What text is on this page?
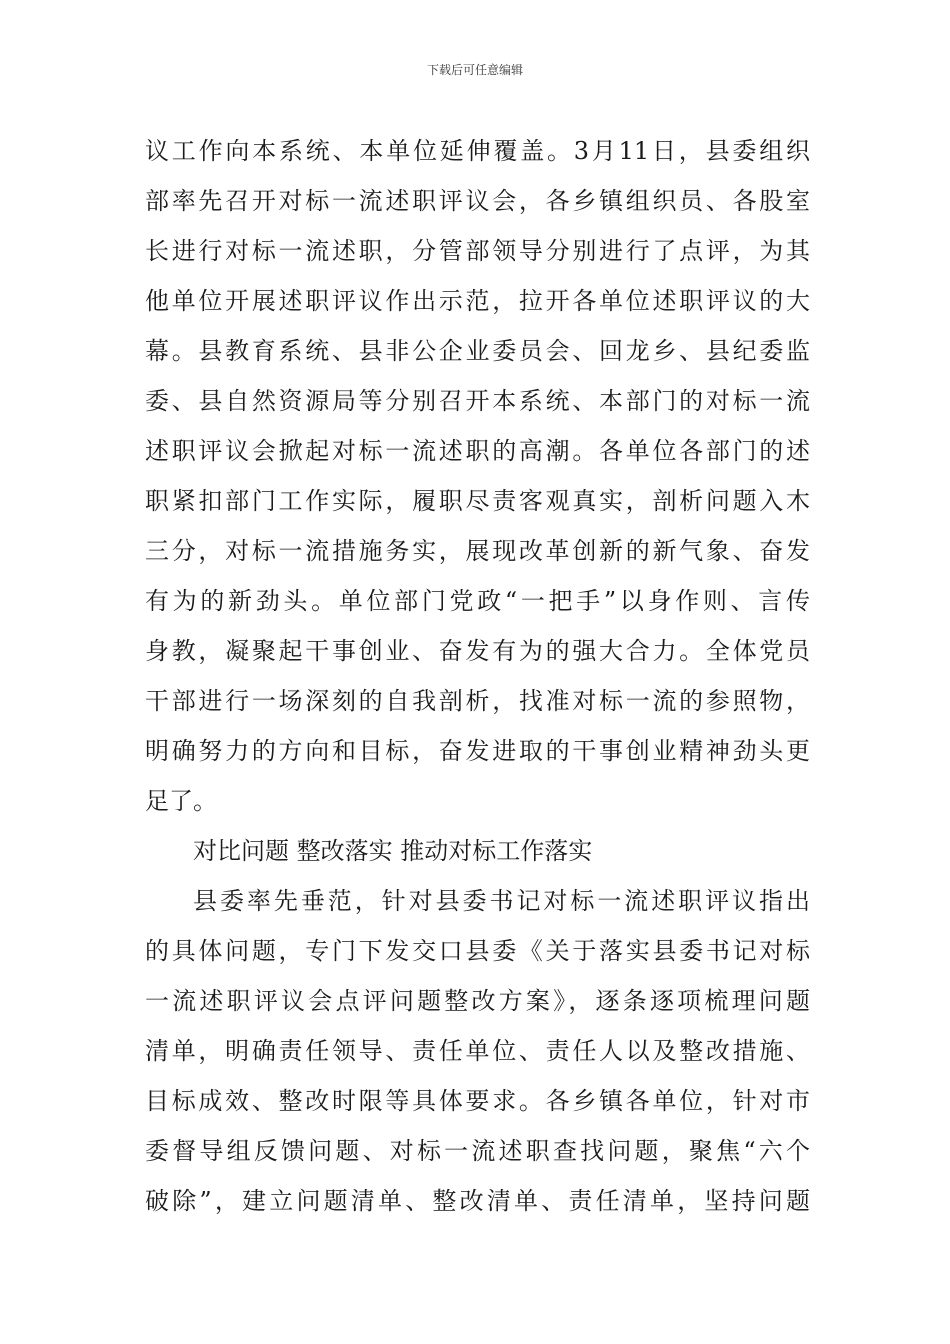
下载后可任意编辑
议工作向本系统、本单位延伸覆盖。3月11日，县委组织
部率先召开对标一流述职评议会，各乡镇组织员、各股室
长进行对标一流述职，分管部领导分别进行了点评，为其
他单位开展述职评议作出示范，拉开各单位述职评议的大
幕。县教育系统、县非公企业委员会、回龙乡、县纪委监
委、县自然资源局等分别召开本系统、本部门的对标一流
述职评议会掀起对标一流述职的高潮。各单位各部门的述
职紧扣部门工作实际，履职尽责客观真实，剖析问题入木
三分，对标一流措施务实，展现改革创新的新气象、奋发
有为的新劲头。单位部门党政“一把手”以身作则、言传
身教，凝聚起干事创业、奋发有为的强大合力。全体党员
干部进行一场深刻的自我剖析，找准对标一流的参照物，
明确努力的方向和目标，奋发进取的干事创业精神劲头更
足了。
对比问题 整改落实 推动对标工作落实
县委率先垂范，针对县委书记对标一流述职评议指出
的具体问题，专门下发交口县委《关于落实县委书记对标
一流述职评议会点评问题整改方案》，逐条逐项梳理问题
清单，明确责任领导、责任单位、责任人以及整改措施、
目标成效、整改时限等具体要求。各乡镇各单位，针对市
委督导组反馈问题、对标一流述职查找问题，聚焦“六个
破除”，建立问题清单、整改清单、责任清单，坚持问题
